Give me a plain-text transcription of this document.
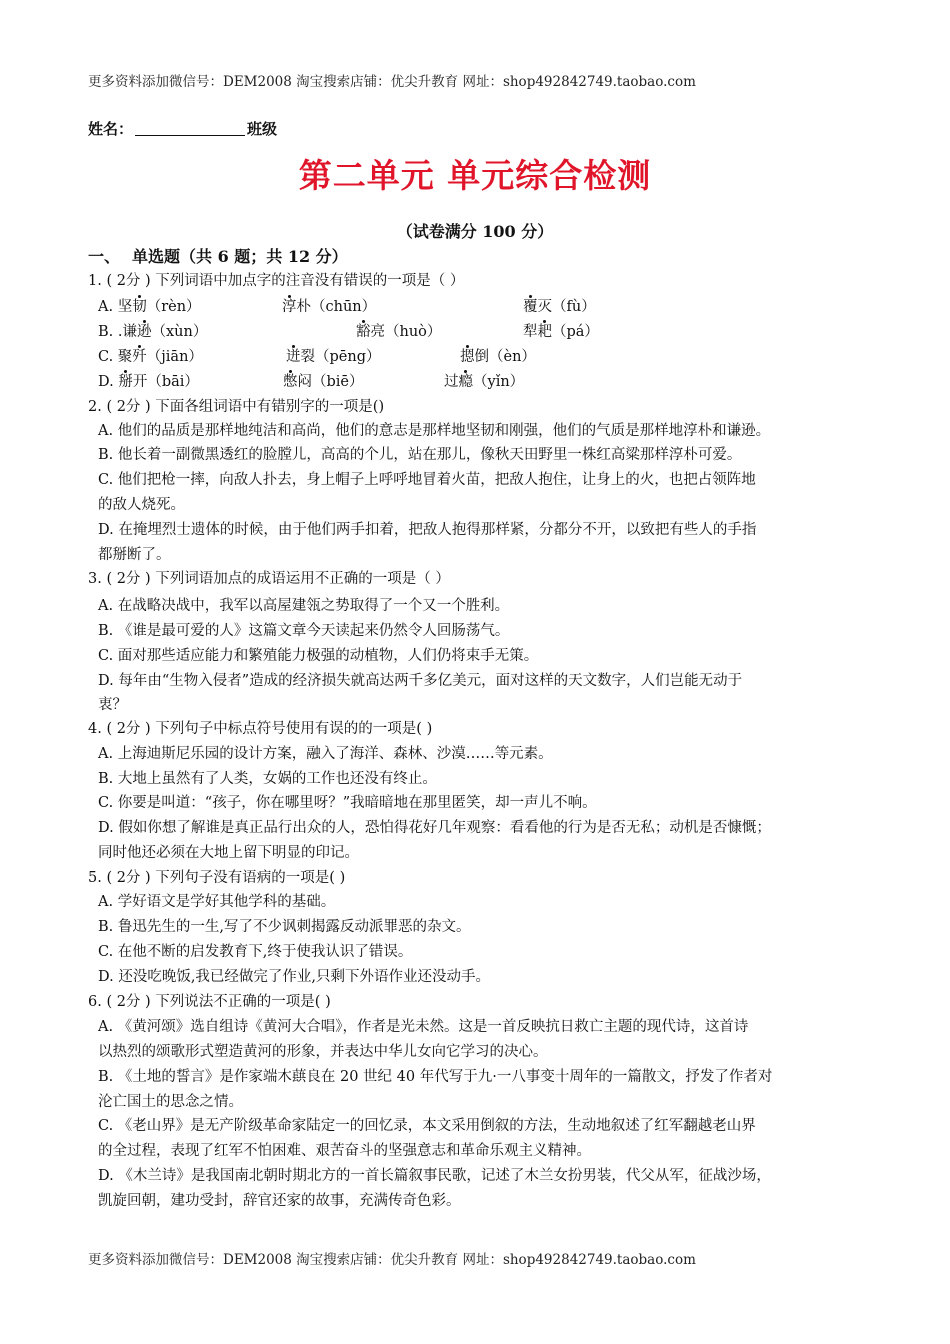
更多资料添加微信号：DEM2008 淘宝搜索店铺：优尖升教育 网址：shop492842749.taobao.com
姓名：	班级
第二单元 单元综合检测
（试卷满分 100 分）
一、 单选题（共 6 题；共 12 分）
1. ( 2分 ) 下列词语中加点字的注音没有错误的一项是（ ）
A. 坚韧（rèn）	淳朴（chūn）	覆灭（fù）
B. .谦逊（xùn）	豁亮（huò）	犁耙（pá）
C. 聚歼（jiān）	迸裂（pēng）	摁倒（èn）
D. 掰开（bāi）	憋闷（biē）	过瘾（yǐn）
2. ( 2分 ) 下面各组词语中有错别字的一项是()
A. 他们的品质是那样地纯洁和高尚，他们的意志是那样地坚韧和刚强，他们的气质是那样地淳朴和谦逊。
B. 他长着一副微黑透红的脸膛儿，高高的个儿，站在那儿，像秋天田野里一株红高粱那样淳朴可爱。
C. 他们把枪一摔，向敌人扑去，身上帽子上呼呼地冒着火苗，把敌人抱住，让身上的火，也把占领阵地
的敌人烧死。
D. 在掩埋烈士遗体的时候，由于他们两手扣着，把敌人抱得那样紧，分都分不开，以致把有些人的手指
都掰断了。
3. ( 2分 ) 下列词语加点的成语运用不正确的一项是（ ）
A. 在战略决战中，我军以高屋建瓴之势取得了一个又一个胜利。
B. 《谁是最可爱的人》这篇文章今天读起来仍然令人回肠荡气。
C. 面对那些适应能力和繁殖能力极强的动植物，人们仍将束手无策。
D. 每年由“生物入侵者”造成的经济损失就高达两千多亿美元，面对这样的天文数字，人们岂能无动于
衷？
4. ( 2分 ) 下列句子中标点符号使用有误的的一项是( )
A. 上海迪斯尼乐园的设计方案，融入了海洋、森林、沙漠……等元素。
B. 大地上虽然有了人类，女娲的工作也还没有终止。
C. 你要是叫道：“孩子，你在哪里呀？”我暗暗地在那里匿笑，却一声儿不响。
D. 假如你想了解谁是真正品行出众的人，恐怕得花好几年观察：看看他的行为是否无私；动机是否慷慨；
同时他还必须在大地上留下明显的印记。
5. ( 2分 ) 下列句子没有语病的一项是( )
A. 学好语文是学好其他学科的基础。
B. 鲁迅先生的一生,写了不少讽刺揭露反动派罪恶的杂文。
C. 在他不断的启发教育下,终于使我认识了错误。
D. 还没吃晚饭,我已经做完了作业,只剩下外语作业还没动手。
6. ( 2分 ) 下列说法不正确的一项是( )
A. 《黄河颂》选自组诗《黄河大合唱》，作者是光未然。这是一首反映抗日救亡主题的现代诗，这首诗
以热烈的颂歌形式塑造黄河的形象，并表达中华儿女向它学习的决心。
B. 《土地的誓言》是作家端木蕻良在 20 世纪 40 年代写于九·一八事变十周年的一篇散文，抒发了作者对
沦亡国土的思念之情。
C. 《老山界》是无产阶级革命家陆定一的回忆录，本文采用倒叙的方法，生动地叙述了红军翻越老山界
的全过程，表现了红军不怕困难、艰苦奋斗的坚强意志和革命乐观主义精神。
D. 《木兰诗》是我国南北朝时期北方的一首长篇叙事民歌，记述了木兰女扮男装，代父从军，征战沙场，
凯旋回朝，建功受封，辞官还家的故事，充满传奇色彩。
更多资料添加微信号：DEM2008 淘宝搜索店铺：优尖升教育 网址：shop492842749.taobao.com
